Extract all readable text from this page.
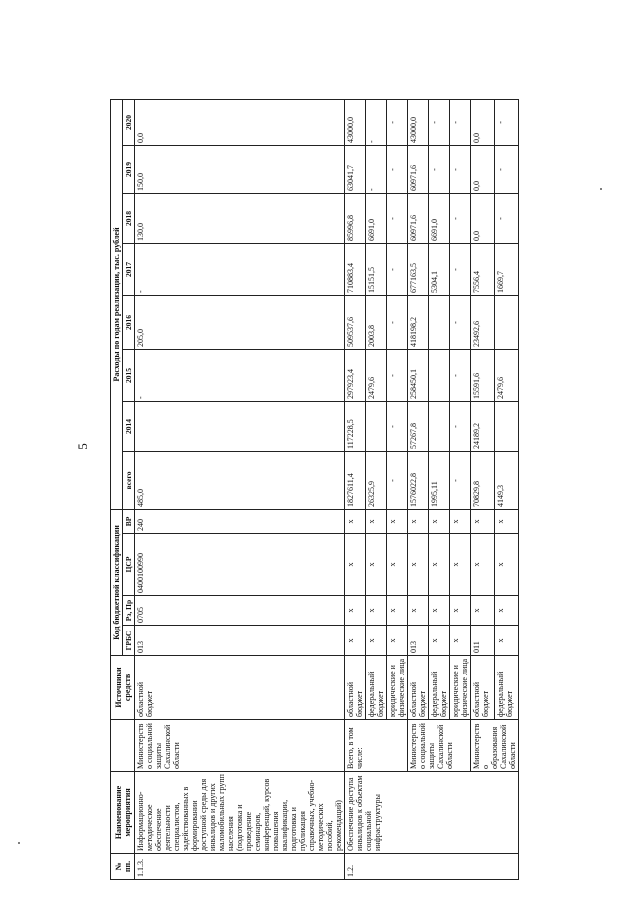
5
№ пп.	Наименование мероприятия		Источники средств	Код бюджетной классификации				Расходы по годам реализации, тыс. рублей							
				ГРБС	Рз, Пр	ЦСР	ВР	всего	2014	2015	2016	2017	2018	2019	2020
1.1.3.	Информационно-методическое обеспечение деятельности специалистов, задействованных в формировании доступной среды для инвалидов и других маломобильных групп населения (подготовка и проведение семинаров, конференций, курсов повышения квалификации, подготовка и публикация справочных, учебно-методических пособий, рекомендаций)	Министерство социальной защиты Сахалинской области	областной бюджет	013	0705	0400100990	240	485,0		-	205,0	-	130,0	150,0	0,0
1.2.	Обеспечение доступа инвалидов к объектам социальной инфраструктуры	Всего, в том числе:	областной бюджет	x	x	x	x	1827611,4	117228,5	297923,4	509537,6	710883,4	85996,8	63041,7	43000,0
			федеральный бюджет	x	x	x	x	26325,9		2479,6	2003,8	15151,5	6691,0	-	-
			юридические и физические лица	x	x	x	x	-	-	-	-	-	-	-	-
		Министерство социальной защиты Сахалинской области	областной бюджет	013	x	x	x	1576022,8	57267,8	258450,1	418198,2	677163,5	60971,6	60971,6	43000,0
			федеральный бюджет	x	x	x	x	1995,11				5304,1	6691,0	-	-
			юридические и физические лица	x	x	x	x	-	-	-	-	-	-	-	-
		Министерство образования Сахалинской области	областной бюджет	011	x	x	x	70829,8	24189,2	15591,6	23492,6	7556,4	0,0	0,0	0,0
			федеральный бюджет	x	x	x	x	4149,3		2479,6		1669,7	-	-	-
